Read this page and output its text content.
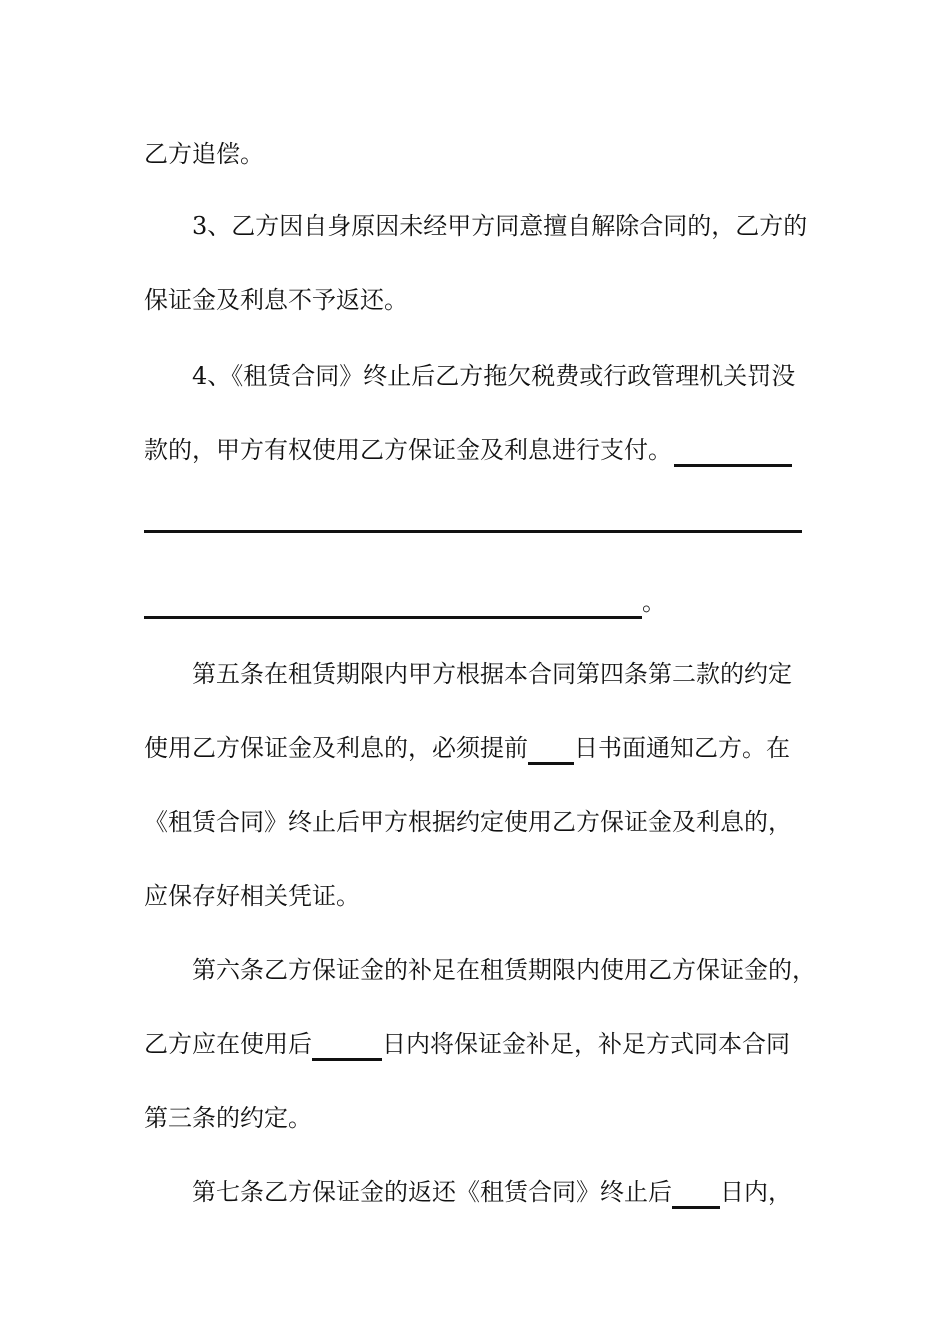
乙方追偿。
3、乙方因自身原因未经甲方同意擅自解除合同的，乙方的
保证金及利息不予返还。
4、《租赁合同》终止后乙方拖欠税费或行政管理机关罚没
款的，甲方有权使用乙方保证金及利息进行支付。
。
第五条在租赁期限内甲方根据本合同第四条第二款的约定
使用乙方保证金及利息的，必须提前 日书面通知乙方。在
《租赁合同》终止后甲方根据约定使用乙方保证金及利息的，
应保存好相关凭证。
第六条乙方保证金的补足在租赁期限内使用乙方保证金的，
乙方应在使用后	日内将保证金补足，补足方式同本合同
第三条的约定。
第七条乙方保证金的返还《租赁合同》终止后 日内，
